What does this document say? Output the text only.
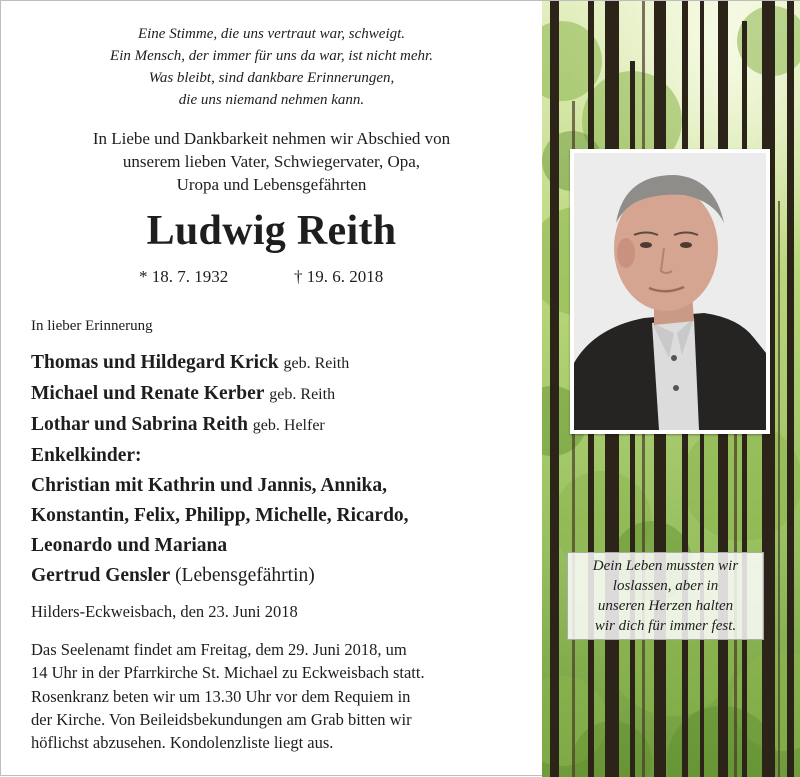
Eine Stimme, die uns vertraut war, schweigt.
Ein Mensch, der immer für uns da war, ist nicht mehr.
Was bleibt, sind dankbare Erinnerungen,
die uns niemand nehmen kann.
In Liebe und Dankbarkeit nehmen wir Abschied von
unserem lieben Vater, Schwiegervater, Opa,
Uropa und Lebensgefährten
Ludwig Reith
* 18. 7. 1932	† 19. 6. 2018
In lieber Erinnerung
Thomas und Hildegard Krick geb. Reith
Michael und Renate Kerber geb. Reith
Lothar und Sabrina Reith geb. Helfer
Enkelkinder:
Christian mit Kathrin und Jannis, Annika,
Konstantin, Felix, Philipp, Michelle, Ricardo,
Leonardo und Mariana
Gertrud Gensler (Lebensgefährtin)
Hilders-Eckweisbach, den 23. Juni 2018
Das Seelenamt findet am Freitag, dem 29. Juni 2018, um
14 Uhr in der Pfarrkirche St. Michael zu Eckweisbach statt.
Rosenkranz beten wir um 13.30 Uhr vor dem Requiem in
der Kirche. Von Beileidsbekundungen am Grab bitten wir
höflichst abzusehen. Kondolenzliste liegt aus.
Dein Leben mussten wir
loslassen, aber in
unseren Herzen halten
wir dich für immer fest.
